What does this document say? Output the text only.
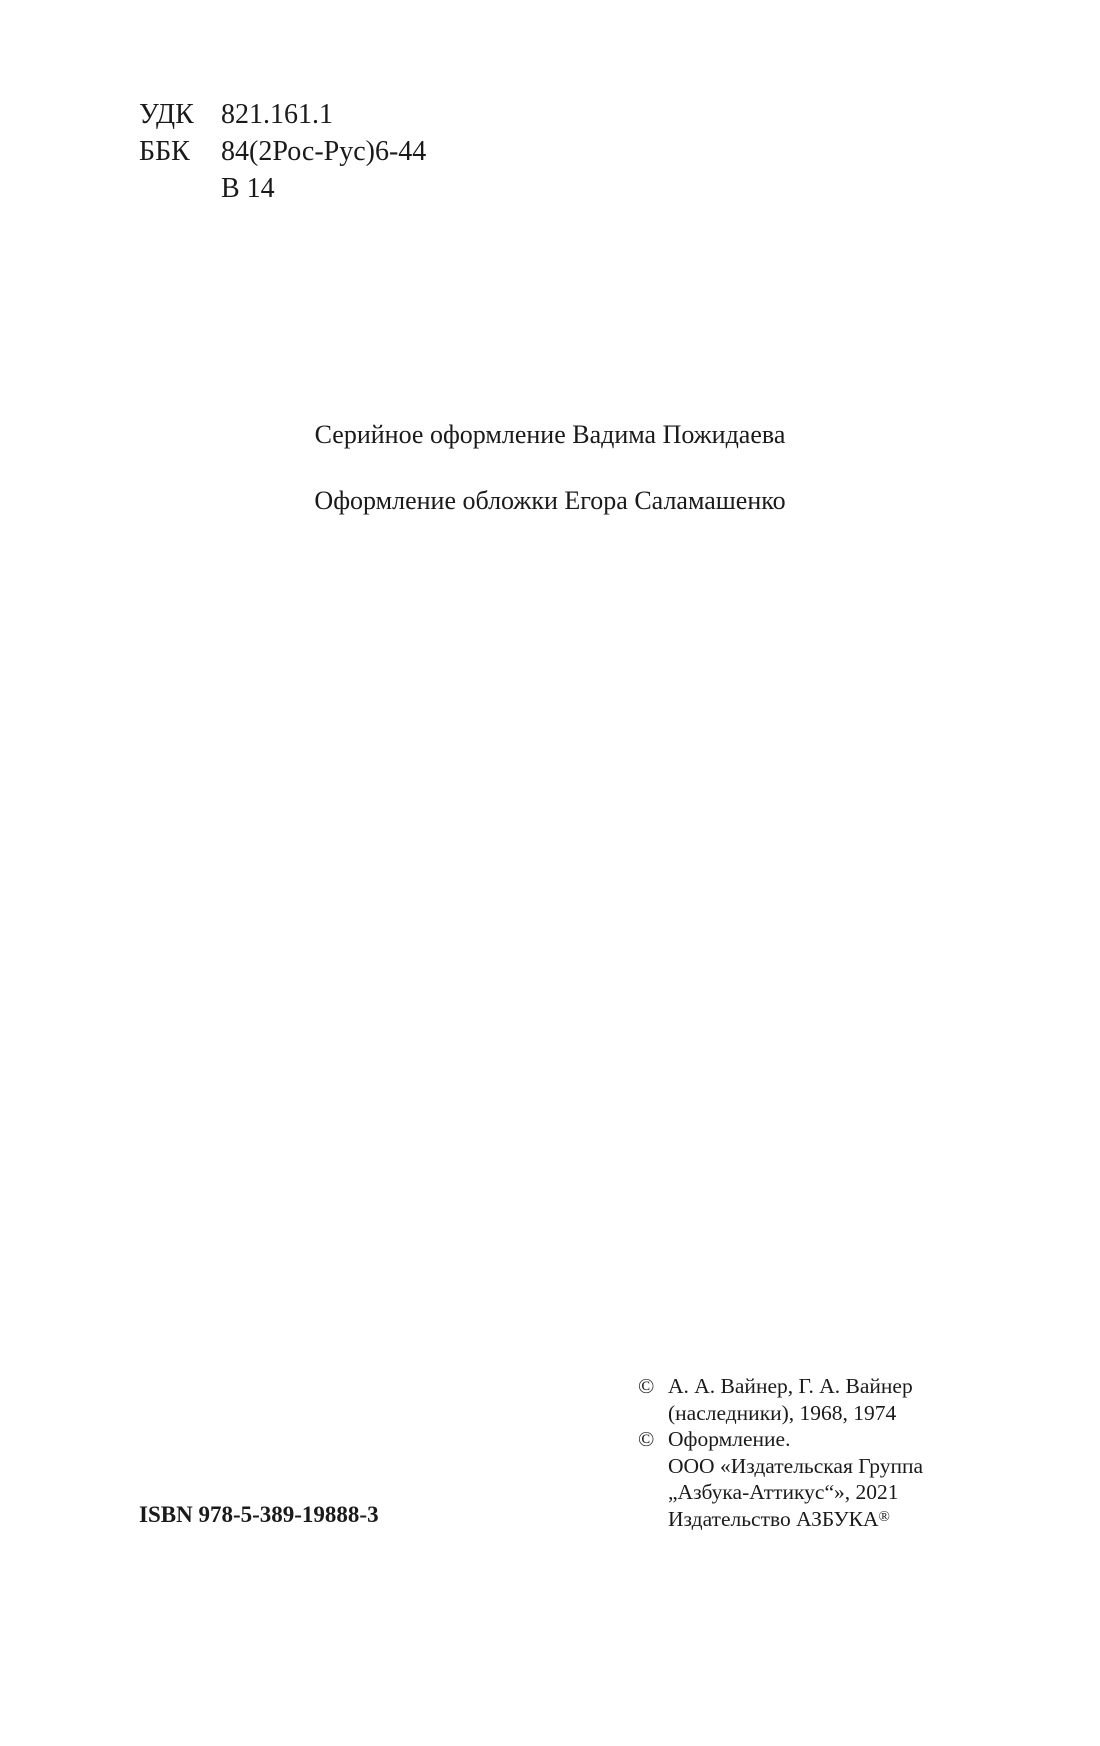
УДК 821.161.1
ББК	84(2Рос-Рус)6-44
В 14
Серийное оформление Вадима Пожидаева
Оформление обложки Егора Саламашенко
© А. А. Вайнер, Г. А. Вайнер
(наследники), 1968, 1974
© Оформление.
ООО «Издательская Группа
„Азбука-Аттикус“», 2021
Издательство АЗБУКА®
ISBN 978-5-389-19888-3
